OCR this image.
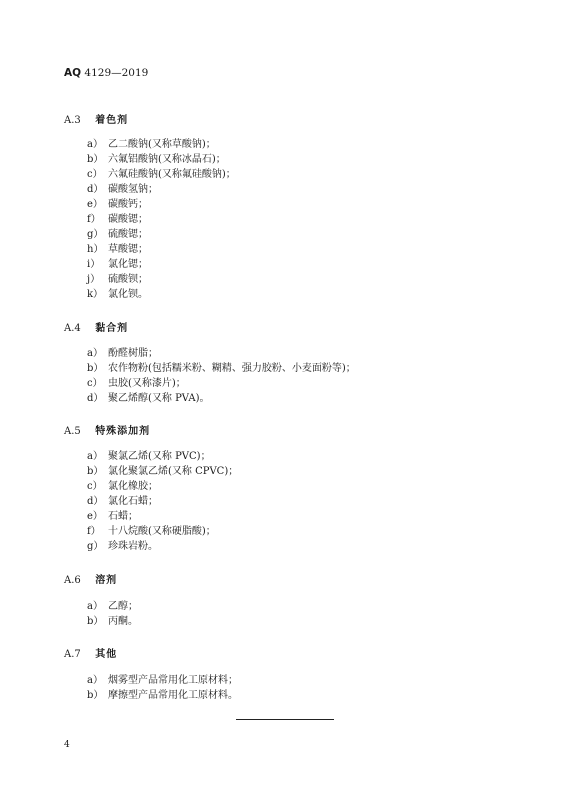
AQ 4129—2019
A.3 着色剂
a） 乙二酸钠(又称草酸钠)；
b） 六氟铝酸钠(又称冰晶石)；
c） 六氟硅酸钠(又称氟硅酸钠)；
d） 碳酸氢钠；
e） 碳酸钙；
f） 碳酸锶；
g） 硫酸锶；
h） 草酸锶；
i） 氯化锶；
j） 硫酸钡；
k） 氯化钡。
A.4 黏合剂
a） 酚醛树脂；
b） 农作物粉(包括糯米粉、糊精、强力胶粉、小麦面粉等)；
c） 虫胶(又称漆片)；
d） 聚乙烯醇(又称 PVA)。
A.5 特殊添加剂
a） 聚氯乙烯(又称 PVC)；
b） 氯化聚氯乙烯(又称 CPVC)；
c） 氯化橡胶；
d） 氯化石蜡；
e） 石蜡；
f） 十八烷酸(又称硬脂酸)；
g） 珍珠岩粉。
A.6 溶剂
a） 乙醇；
b） 丙酮。
A.7 其他
a） 烟雾型产品常用化工原材料；
b） 摩擦型产品常用化工原材料。
4
